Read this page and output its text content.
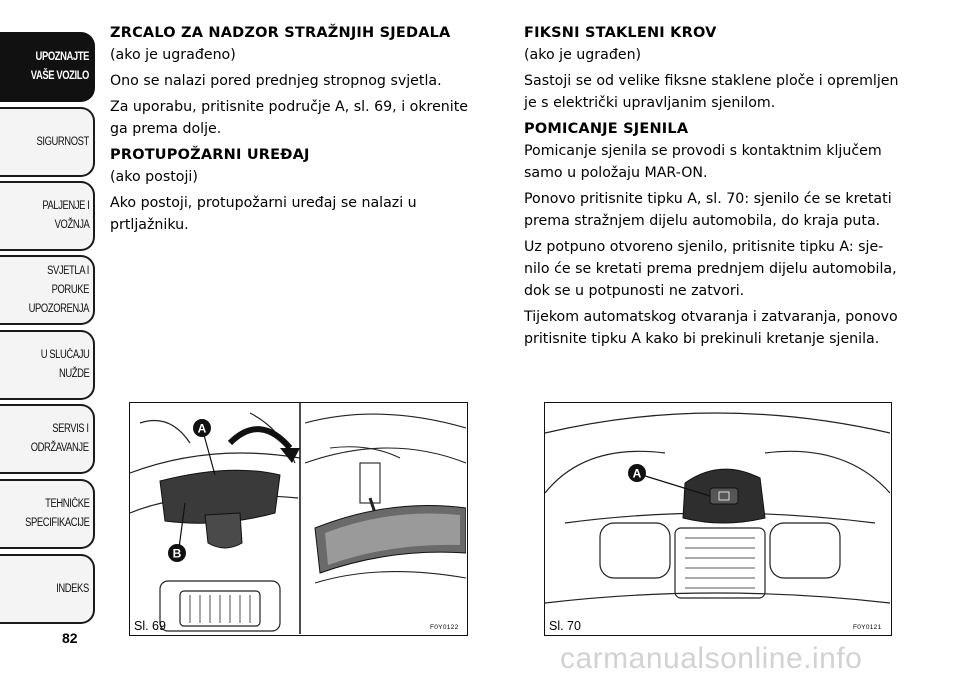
UPOZNAJTE
VAŠE VOZILO
SIGURNOST
PALJENJE I
VOŽNJA
SVJETLA I PORUKE
UPOZORENJA
U SLUČAJU
NUŽDE
SERVIS I
ODRŽAVANJE
TEHNIČKE
SPECIFIKACIJE
INDEKS
82
ZRCALO ZA NADZOR STRAŽNJIH SJEDALA

(ako je ugrađeno)

Ono se nalazi pored prednjeg stropnog svjetla.

Za uporabu, pritisnite područje A, sl. 69, i okrenite ga prema dolje.

PROTUPOŽARNI UREĐAJ

(ako postoji)

Ako postoji, protupožarni uređaj se nalazi u prtljažniku.

FIKSNI STAKLENI KROV

(ako je ugrađen)

Sastoji se od velike fiksne staklene ploče i opremljen je s električki upravljanim sjenilom.

POMICANJE SJENILA

Pomicanje sjenila se provodi s kontaktnim ključem samo u položaju MAR-ON.

Ponovo pritisnite tipku A, sl. 70: sjenilo će se kretati prema stražnjem dijelu automobila, do kraja puta.

Uz potpuno otvoreno sjenilo, pritisnite tipku A: sje-nilo će se kretati prema prednjem dijelu automobila, dok se u potpunosti ne zatvori.

Tijekom automatskog otvaranja i zatvaranja, ponovo pritisnite tipku A kako bi prekinuli kretanje sjenila.

A
B
Sl. 69	F0Y0122
A
Sl. 70	F0Y0121
carmanualsonline.info
